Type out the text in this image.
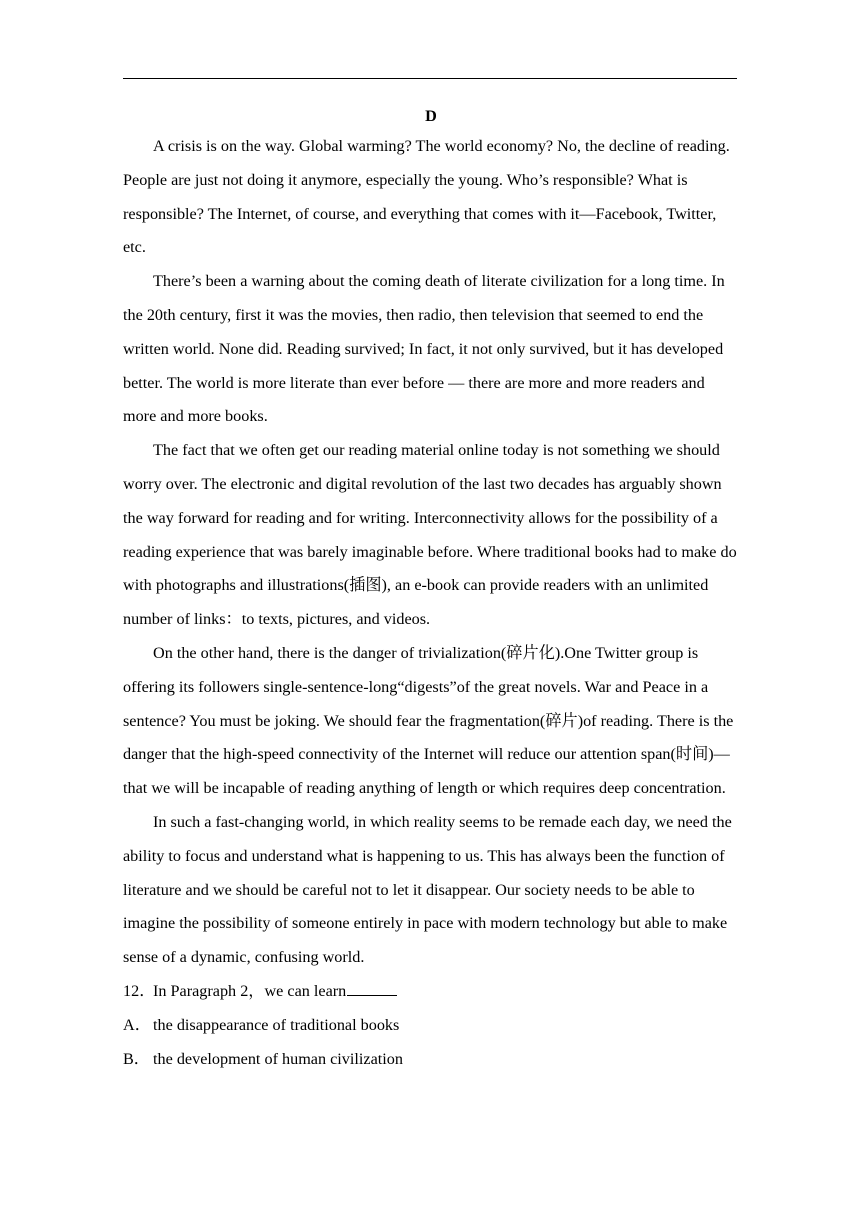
D

A crisis is on the way. Global warming? The world economy? No, the decline of reading. People are just not doing it anymore, especially the young. Who’s responsible? What is responsible? The Internet, of course, and everything that comes with it—Facebook, Twitter, etc.

There’s been a warning about the coming death of literate civilization for a long time. In the 20th century, first it was the movies, then radio, then television that seemed to end the written world. None did. Reading survived; In fact, it not only survived, but it has developed better. The world is more literate than ever before — there are more and more readers and more and more books.

The fact that we often get our reading material online today is not something we should worry over. The electronic and digital revolution of the last two decades has arguably shown the way forward for reading and for writing. Interconnectivity allows for the possibility of a reading experience that was barely imaginable before. Where traditional books had to make do with photographs and illustrations(插图), an e-book can provide readers with an unlimited number of links：to texts, pictures, and videos.

On the other hand, there is the danger of trivialization(碎片化).One Twitter group is offering its followers single-sentence-long“digests”of the great novels. War and Peace in a sentence? You must be joking. We should fear the fragmentation(碎片)of reading. There is the danger that the high-speed connectivity of the Internet will reduce our attention span(时间)—that we will be incapable of reading anything of length or which requires deep concentration.

In such a fast-changing world, in which reality seems to be remade each day, we need the ability to focus and understand what is happening to us. This has always been the function of literature and we should be careful not to let it disappear. Our society needs to be able to imagine the possibility of someone entirely in pace with modern technology but able to make sense of a dynamic, confusing world.

12．In Paragraph 2，we can learn

A． the disappearance of traditional books

B． the development of human civilization
